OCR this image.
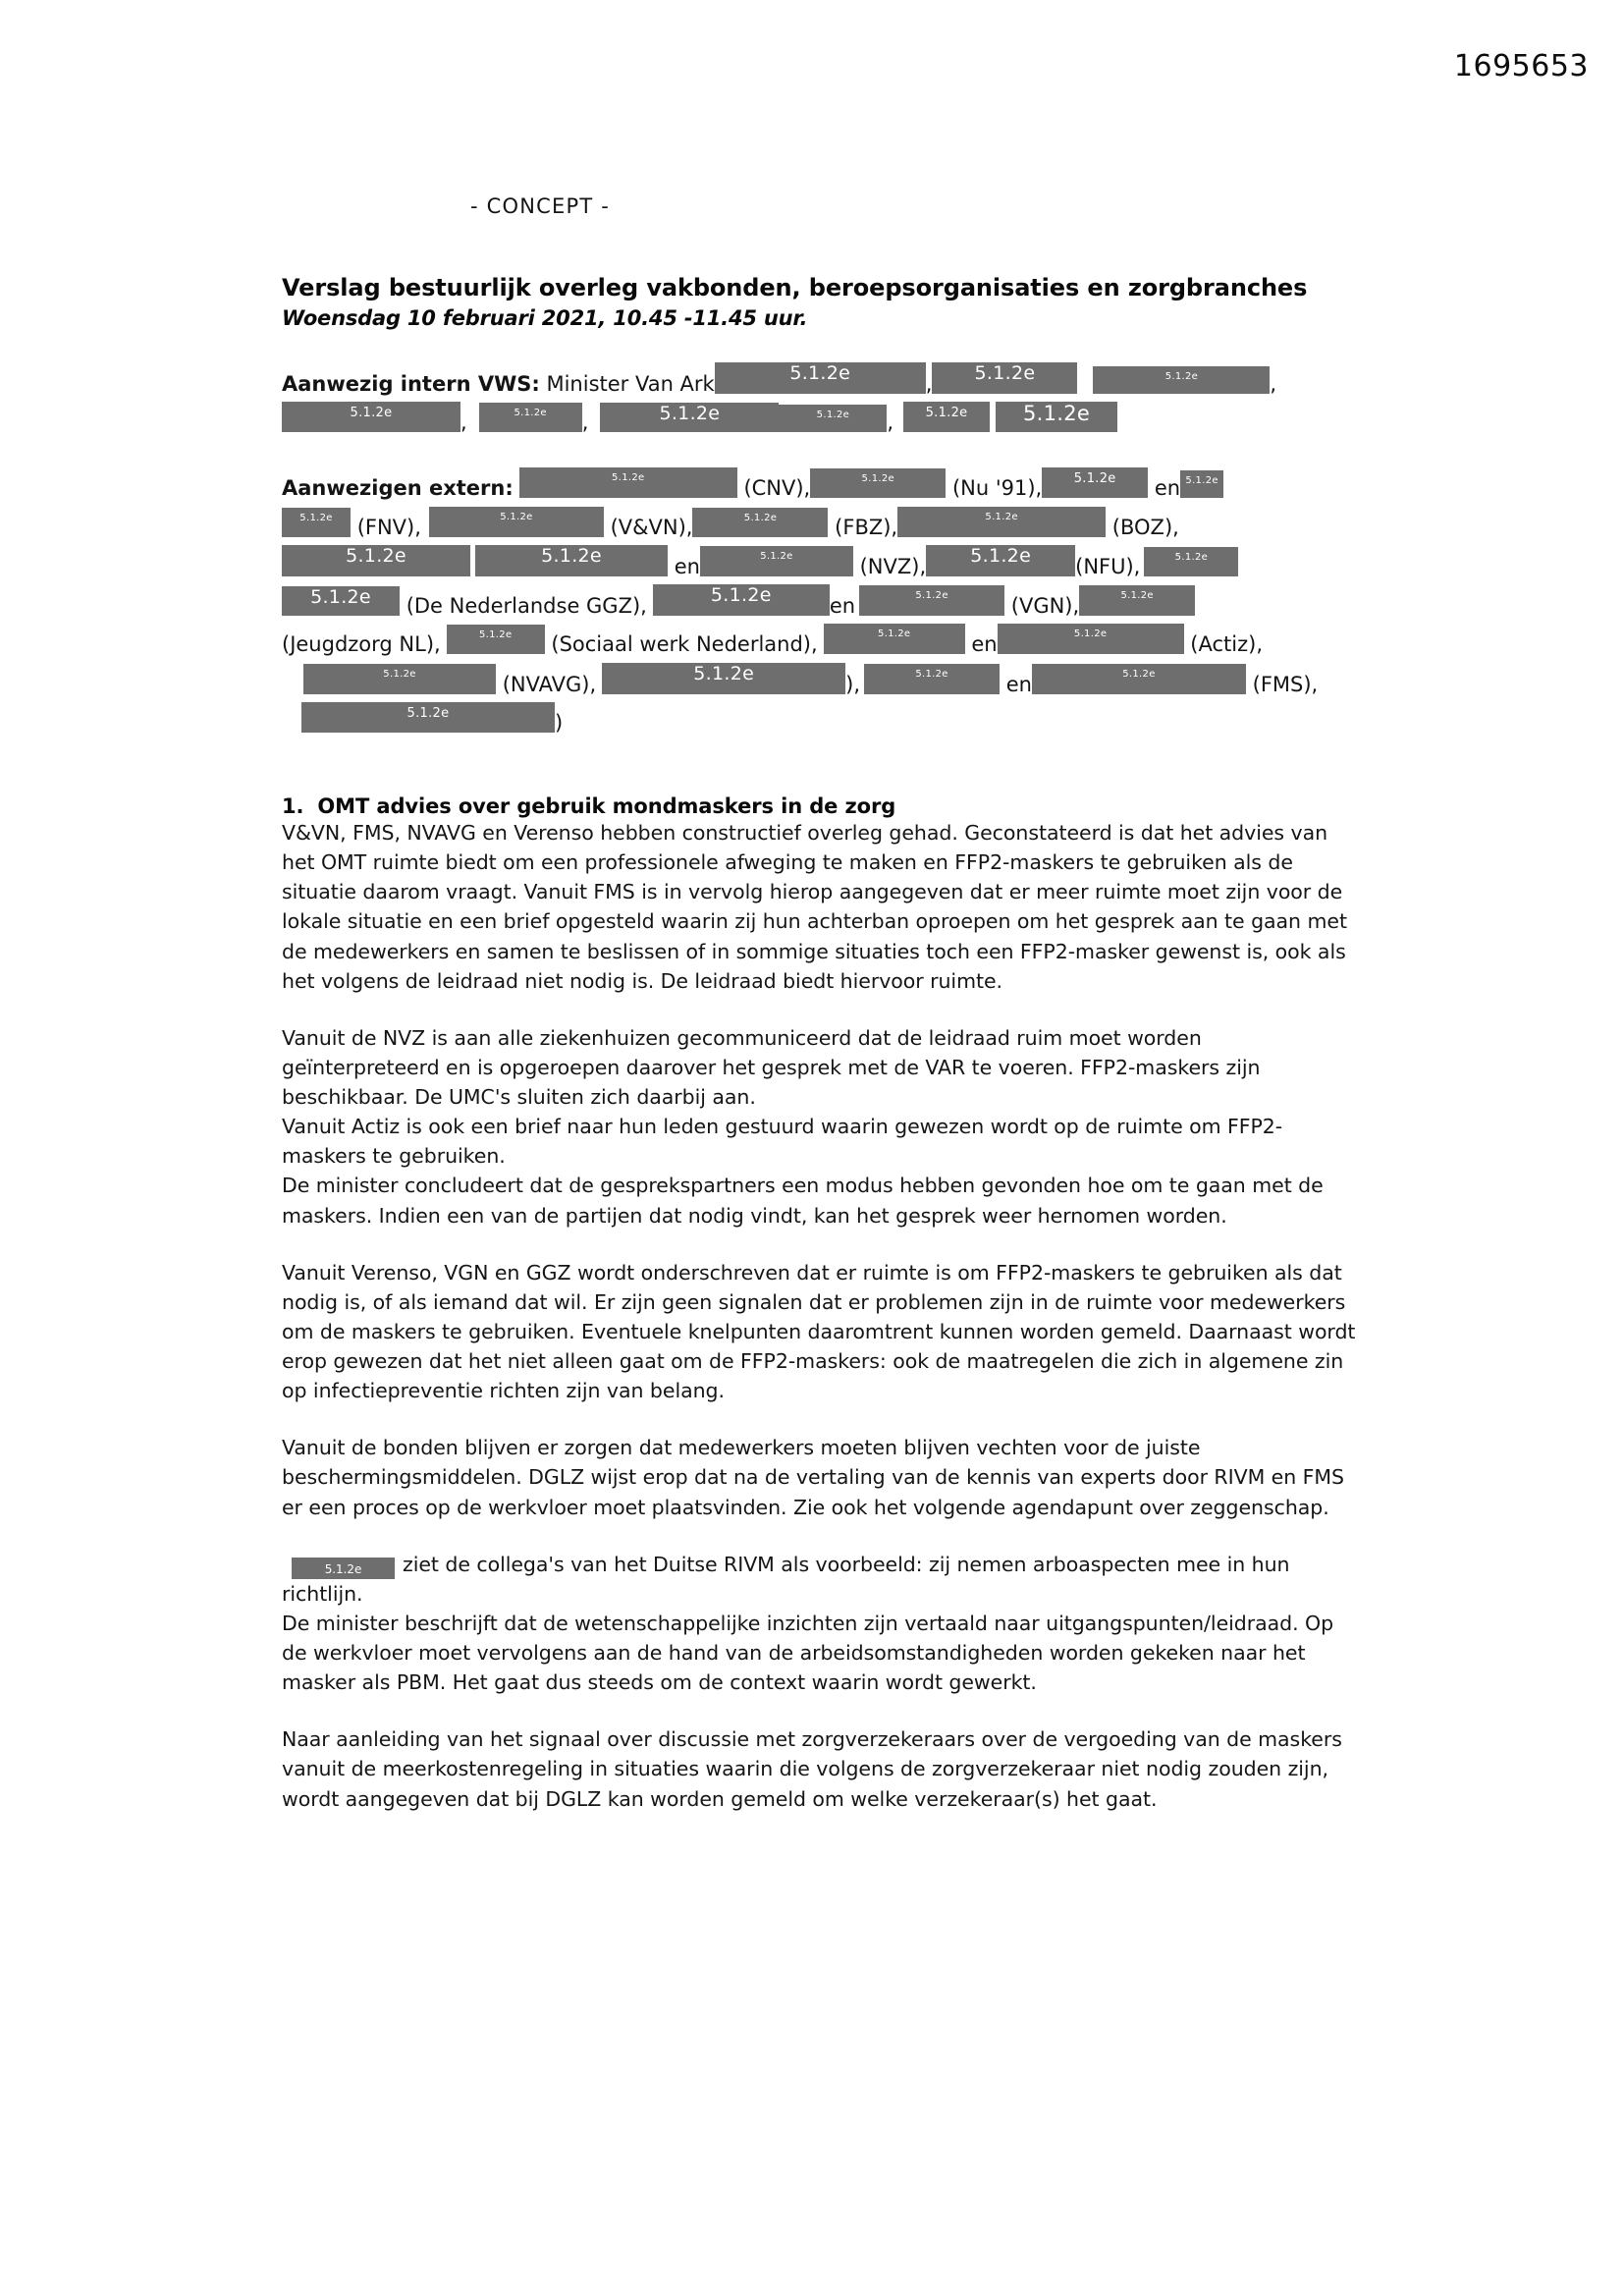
1695653
- CONCEPT -
Verslag bestuurlijk overleg vakbonden, beroepsorganisaties en zorgbranches
Woensdag 10 februari 2021, 10.45 -11.45 uur.
Aanwezig intern VWS: Minister Van Ark	5.1.2e	, 5.1.2e	5.1.2e	,
5.1.2e	,	5.1.2e ,	5.1.2e	5.1.2e ,	5.1.2e	5.1.2e
Aanwezigen extern:	5.1.2e	(CNV),	5.1.2e	(Nu '91),	5.1.2e en 5.1.2e
5.1.2e (FNV),	5.1.2e	(V&VN),	5.1.2e	(FBZ),	5.1.2e	(BOZ),
5.1.2e	5.1.2e	en	5.1.2e	(NVZ), 5.1.2e (NFU),	5.1.2e
5.1.2e (De Nederlandse GGZ),	5.1.2e	en	5.1.2e	(VGN),	5.1.2e
(Jeugdzorg NL),	5.1.2e (Sociaal werk Nederland),	5.1.2e	en	5.1.2e	(Actiz),
5.1.2e	(NVAVG),	5.1.2e	),	5.1.2e	en	5.1.2e	(FMS),
5.1.2e	)
1. OMT advies over gebruik mondmaskers in de zorg

V&VN, FMS, NVAVG en Verenso hebben constructief overleg gehad. Geconstateerd is dat het advies van het OMT ruimte biedt om een professionele afweging te maken en FFP2-maskers te gebruiken als de situatie daarom vraagt. Vanuit FMS is in vervolg hierop aangegeven dat er meer ruimte moet zijn voor de lokale situatie en een brief opgesteld waarin zij hun achterban oproepen om het gesprek aan te gaan met de medewerkers en samen te beslissen of in sommige situaties toch een FFP2-masker gewenst is, ook als het volgens de leidraad niet nodig is. De leidraad biedt hiervoor ruimte.

Vanuit de NVZ is aan alle ziekenhuizen gecommuniceerd dat de leidraad ruim moet worden geïnterpreteerd en is opgeroepen daarover het gesprek met de VAR te voeren. FFP2-maskers zijn beschikbaar. De UMC's sluiten zich daarbij aan.

Vanuit Actiz is ook een brief naar hun leden gestuurd waarin gewezen wordt op de ruimte om FFP2-maskers te gebruiken.

De minister concludeert dat de gesprekspartners een modus hebben gevonden hoe om te gaan met de maskers. Indien een van de partijen dat nodig vindt, kan het gesprek weer hernomen worden.

Vanuit Verenso, VGN en GGZ wordt onderschreven dat er ruimte is om FFP2-maskers te gebruiken als dat nodig is, of als iemand dat wil. Er zijn geen signalen dat er problemen zijn in de ruimte voor medewerkers om de maskers te gebruiken. Eventuele knelpunten daaromtrent kunnen worden gemeld. Daarnaast wordt erop gewezen dat het niet alleen gaat om de FFP2-maskers: ook de maatregelen die zich in algemene zin op infectiepreventie richten zijn van belang.

Vanuit de bonden blijven er zorgen dat medewerkers moeten blijven vechten voor de juiste beschermingsmiddelen. DGLZ wijst erop dat na de vertaling van de kennis van experts door RIVM en FMS er een proces op de werkvloer moet plaatsvinden. Zie ook het volgende agendapunt over zeggenschap.

5.1.2e ziet de collega's van het Duitse RIVM als voorbeeld: zij nemen arboaspecten mee in hun richtlijn.

De minister beschrijft dat de wetenschappelijke inzichten zijn vertaald naar uitgangspunten/leidraad. Op de werkvloer moet vervolgens aan de hand van de arbeidsomstandigheden worden gekeken naar het masker als PBM. Het gaat dus steeds om de context waarin wordt gewerkt.

Naar aanleiding van het signaal over discussie met zorgverzekeraars over de vergoeding van de maskers vanuit de meerkostenregeling in situaties waarin die volgens de zorgverzekeraar niet nodig zouden zijn, wordt aangegeven dat bij DGLZ kan worden gemeld om welke verzekeraar(s) het gaat.
